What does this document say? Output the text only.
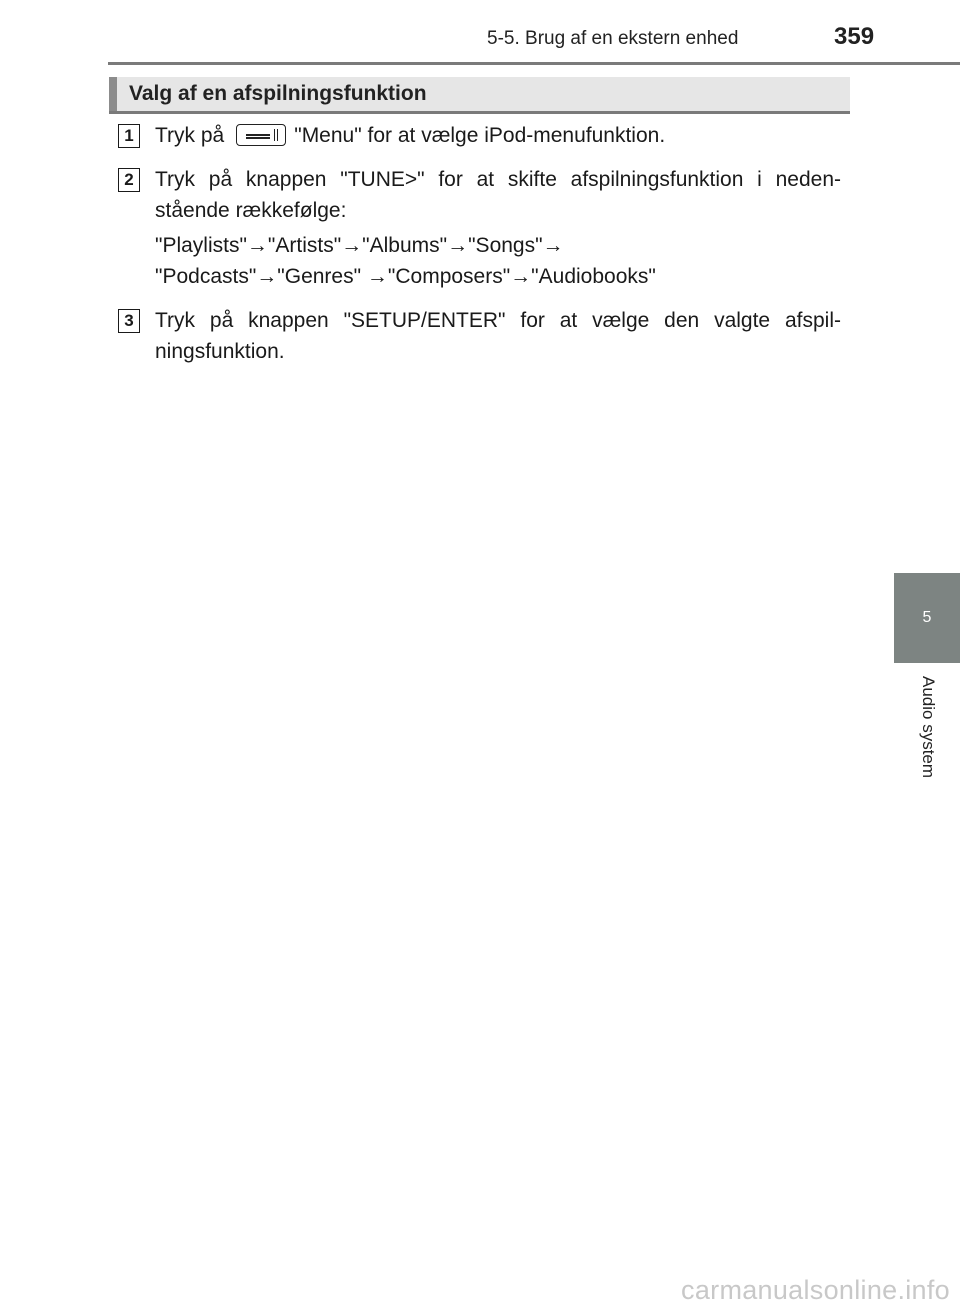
5-5. Brug af en ekstern enhed	359
Valg af en afspilningsfunktion
1 Tryk på	"Menu" for at vælge iPod-menufunktion.
2 Tryk på knappen "TUNE>" for at skifte afspilningsfunktion i neden- stående rækkefølge:
"Playlists"→"Artists"→"Albums"→"Songs"→
"Podcasts"→"Genres" →"Composers"→"Audiobooks"
3 Tryk på knappen "SETUP/ENTER" for at vælge den valgte afspil- ningsfunktion.
5
Audio system
carmanualsonline.info
